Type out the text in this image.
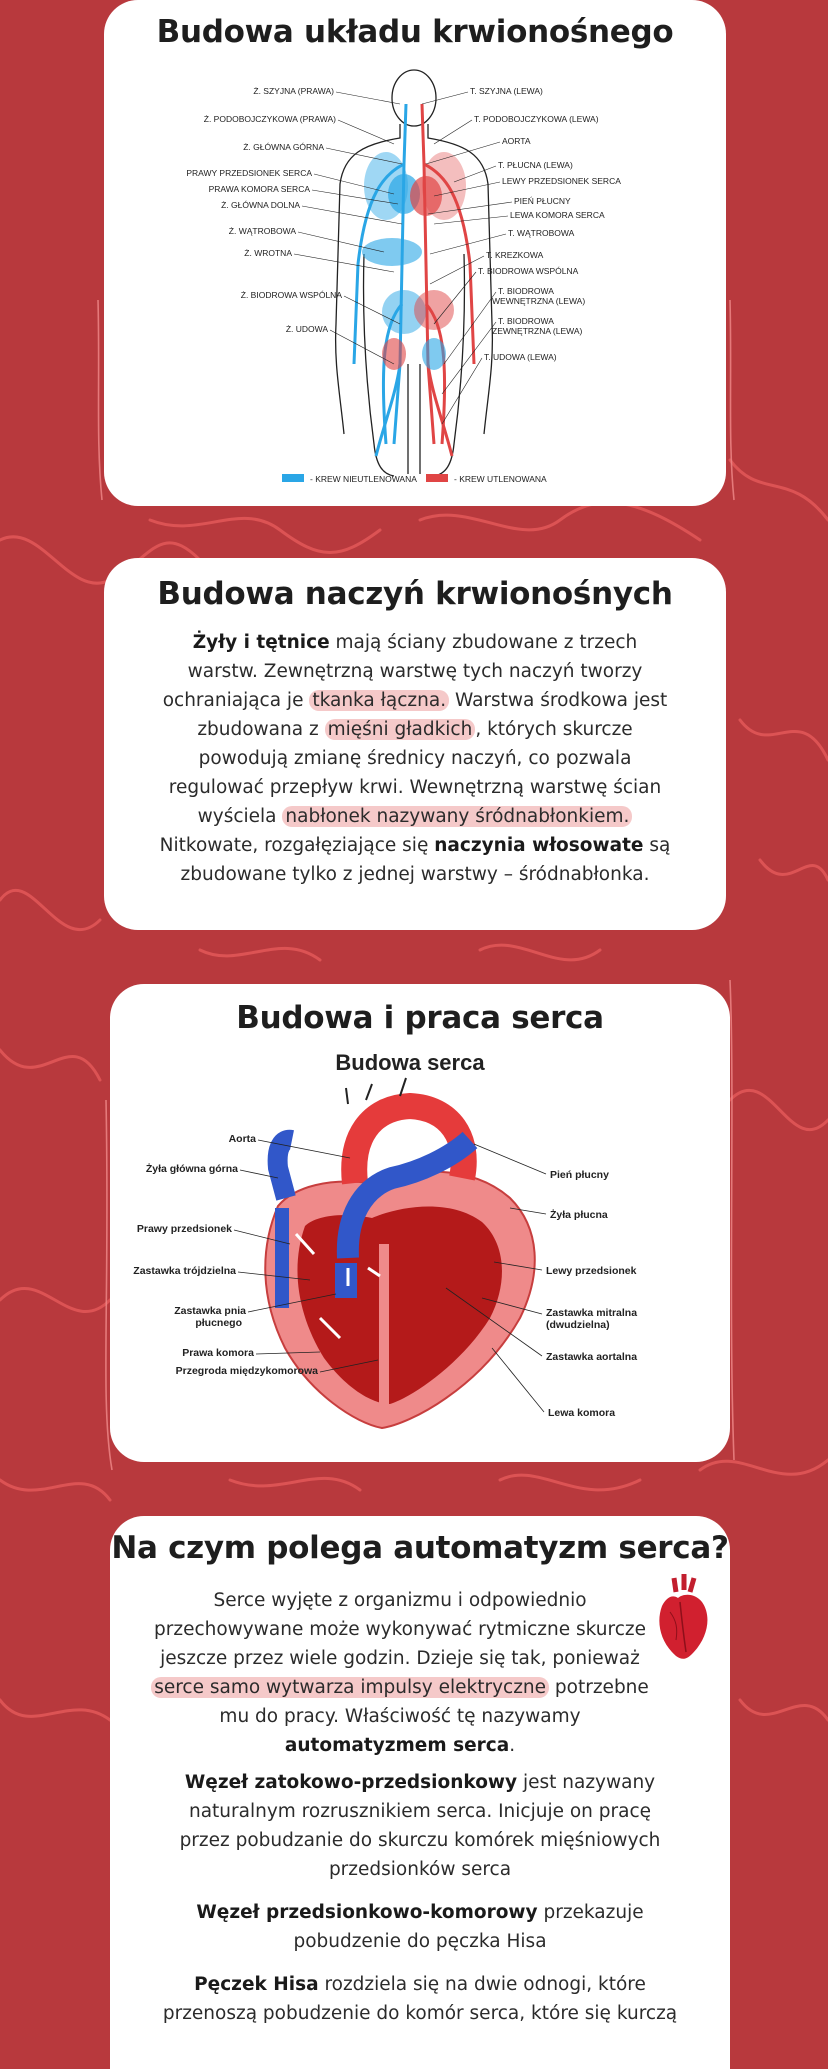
Budowa układu krwionośnego
Ż. SZYJNA (PRAWA)
Ż. PODOBOJCZYKOWA (PRAWA)
Ż. GŁÓWNA GÓRNA
PRAWY PRZEDSIONEK SERCA
PRAWA KOMORA SERCA
Ż. GŁÓWNA DOLNA
Ż. WĄTROBOWA
Ż. WROTNA
Ż. BIODROWA WSPÓLNA
Ż. UDOWA
T. SZYJNA (LEWA)
T. PODOBOJCZYKOWA (LEWA)
AORTA
T. PŁUCNA (LEWA)
LEWY PRZEDSIONEK SERCA
PIEŃ PŁUCNY
LEWA KOMORA SERCA
T. WĄTROBOWA
T. KREZKOWA
T. BIODROWA WSPÓLNA
T. BIODROWA
WEWNĘTRZNA (LEWA)
T. BIODROWA
ZEWNĘTRZNA (LEWA)
T. UDOWA (LEWA)
- KREW NIEUTLENOWANA	- KREW UTLENOWANA
Budowa naczyń krwionośnych
Żyły i tętnice mają ściany zbudowane z trzech warstw. Zewnętrzną warstwę tych naczyń tworzy ochraniająca je tkanka łączna. Warstwa środkowa jest zbudowana z mięśni gładkich , których skurcze powodują zmianę średnicy naczyń, co pozwala regulować przepływ krwi. Wewnętrzną warstwę ścian wyściela nabłonek nazywany śródnabłonkiem. Nitkowate, rozgałęziające się naczynia włosowate są zbudowane tylko z jednej warstwy – śródnabłonka.
Budowa i praca serca
Budowa serca
Aorta
Żyła główna górna
Prawy przedsionek
Zastawka trójdzielna
Zastawka pnia
płucnego
Prawa komora
Przegroda międzykomorowa
Pień płucny
Żyła płucna
Lewy przedsionek
Zastawka mitralna
(dwudzielna)
Zastawka aortalna
Lewa komora
Na czym polega automatyzm serca?
Serce wyjęte z organizmu i odpowiednio przechowywane może wykonywać rytmiczne skurcze jeszcze przez wiele godzin. Dzieje się tak, ponieważ serce samo wytwarza impulsy elektryczne potrzebne mu do pracy. Właściwość tę nazywamy automatyzmem serca.
Węzeł zatokowo-przedsionkowy jest nazywany naturalnym rozrusznikiem serca. Inicjuje on pracę przez pobudzanie do skurczu komórek mięśniowych przedsionków serca
Węzeł przedsionkowo-komorowy przekazuje pobudzenie do pęczka Hisa
Pęczek Hisa rozdziela się na dwie odnogi, które przenoszą pobudzenie do komór serca, które się kurczą
